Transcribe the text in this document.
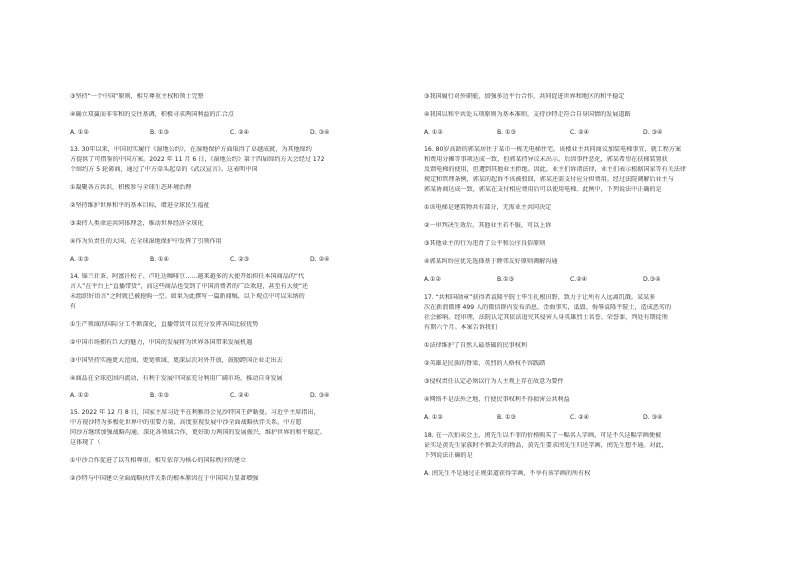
③坚持“一个中国”原则，相互尊重主权和领土完整
④确立双赢而非零和的交往基调，积极寻求两国利益的汇合点
13. 30年以来，中国切实履行《湿地公约》，在湿地保护方面取得了卓越成就，为其他缔约
方提供了可借鉴的中国方案。2022 年 11 月 6 日，《湿地公约》第十四届缔约方大会经过 172
个缔约方 5 轮磋商，通过了中方牵头起草的《武汉宣言》。这表明中国
①凝聚各方共识，积极参与全球生态环境治理
②坚持维护世界和平的基本目标，增进全球民生福祉
③秉持人类命运共同体理念，推动世界经济全球化
④作为负责任的大国，在全球湿地保护中发挥了引领作用
14. 锦兰社茶、阿富汗松子、卢旺达咖啡豆……越来越多的大使开始担任本国商品的“代
言人”在平台上“直播带货”，而这些商品也受到了中国消费者的广泛欢迎，甚至有大使“还
未组织好语言”之时就已被抢购一空。如果为此撰写一篇新闻稿，以下观点中可以采纳的
有
①生产领域的国际分工不断深化，直播带货可以充分发挥各国比较优势
②中国市场拥有巨大的魅力，中国的发展将为世界各国带来发展机遇
③中国坚持实施更大范围、更宽领域、更深层次对外开放，鼓励跨国企业走出去
④商品在全球范围内流动，有利于发展中国家充分利用广阔市场，推动自身发展
15. 2022 年 12 月 8 日，国家主席习近平在利雅得会见沙特国王萨勒曼。习近平主席指出，
中方视沙特为多极化世界中的重要力量，高度重视发展中沙全面战略伙伴关系。中方愿
同沙方继续加强战略沟通，深化各领域合作，更好助力两国的发展振兴，维护世界的和平稳定。
这体现了（
①中沙合作促进了以互相尊重、相互依存为核心的国际秩序的建立
②沙特与中国建立全面战略伙伴关系的根本原因在于中国国力显著增强
A. ①②	B. ①③	C. ②④	D. ③④
A. ①③	B. ①④	C. ②③	D. ②④
A. ①②	B. ①③	C. ②④	D. ③④
③我国履行对外职能，加强多边平台合作，共同促进世界和地区的和平稳定
④我国以和平共处五项原则为基本准则，支持沙特走符合自身国情的发展道路
16. 80岁高龄的郭某居住于某市一栋无电梯住宅。该楼业主共同商议加装电梯事宜，就工程方案
和费用分摊等事项达成一致，但郭某持异议未出示。后因事件恶化，郭某希望在扶梯装置获
反馈电梯的使用，但遭到其他业主拒绝。因此，业主们诉诸法律，业主们表示根据国家等有关法律
规定和管理条例，郭某的起诉不该被驳回，郭某还需支付应分担费用。经过法院调解后业主与
郭某协商达成一致，郭某在支付相应费用后可以使用电梯。此例中，下列说法中正确的是
①该电梯是建筑物共有部分，无需业主共同决定
②一审判决生效后，其他业主若不服，可以上诉
③其他业主的行为违背了公平和公序良俗原则
④郭某纠纷应优先选择基于睦邻友好原则调解沟通
17. “共和国勋章”获得者袁隆平院士毕生扎根田野，致力于让所有人远离饥饿。某某多
次在新浪微博 499 人的微信群内发布消息，歪曲事实，诋毁、侮辱袁隆平院士，造成恶劣的
社会影响。经审理，法院认定其依法追究其侵害人身英雄烈士名誉、荣誉罪，判处有期徒刑
有期六个月。本案告诉我们
①法律维护了自然人最基础的民事权利
②英雄是民族的脊梁，英烈的人格权不容践踏
③侵权责任认定必须以行为人主观上存在故意为要件
④网络不是法外之地，行使民事权利不得损害公共利益
18. 在一次拍卖会上，闰先生以不菲的价格购买了一幅名人字画，可是不久这幅字画便被
证实是黄先生家族时不慎丢失的物品，黄先生要求闰先生归还字画，闰先生想不通。对此，
下列说法正确的是
A. 闰先生不是通过正规渠道获得字画，不享有该字画的所有权
A. ①②	B. ①③	C. ②④	D. ③④
A.①②	B.①③	C.②④	D.③④
A. ①②	B. ①③	C. ②④	D. ③④
